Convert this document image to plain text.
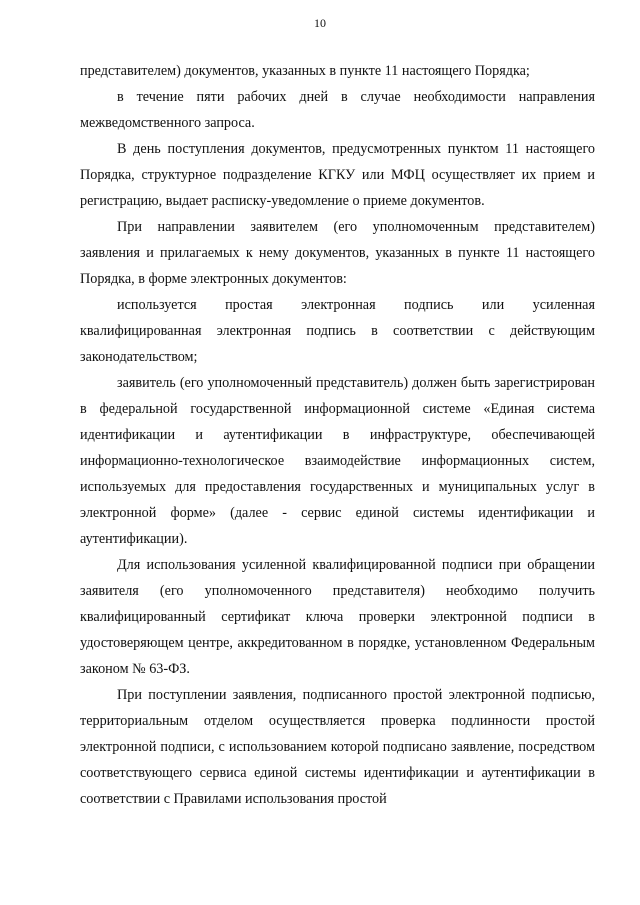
10

представителем) документов, указанных в пункте 11 настоящего Порядка;

в течение пяти рабочих дней в случае необходимости направления межведомственного запроса.

В день поступления документов, предусмотренных пунктом 11 настоящего Порядка, структурное подразделение КГКУ или МФЦ осуществляет их прием и регистрацию, выдает расписку-уведомление о приеме документов.

При направлении заявителем (его уполномоченным представителем) заявления и прилагаемых к нему документов, указанных в пункте 11 настоящего Порядка, в форме электронных документов:

используется простая электронная подпись или усиленная квалифицированная электронная подпись в соответствии с действующим законодательством;

заявитель (его уполномоченный представитель) должен быть зарегистрирован в федеральной государственной информационной системе «Единая система идентификации и аутентификации в инфраструктуре, обеспечивающей информационно-технологическое взаимодействие информационных систем, используемых для предоставления государственных и муниципальных услуг в электронной форме» (далее - сервис единой системы идентификации и аутентификации).

Для использования усиленной квалифицированной подписи при обращении заявителя (его уполномоченного представителя) необходимо получить квалифицированный сертификат ключа проверки электронной подписи в удостоверяющем центре, аккредитованном в порядке, установленном Федеральным законом № 63-ФЗ.

При поступлении заявления, подписанного простой электронной подписью, территориальным отделом осуществляется проверка подлинности простой электронной подписи, с использованием которой подписано заявление, посредством соответствующего сервиса единой системы идентификации и аутентификации в соответствии с Правилами использования простой
